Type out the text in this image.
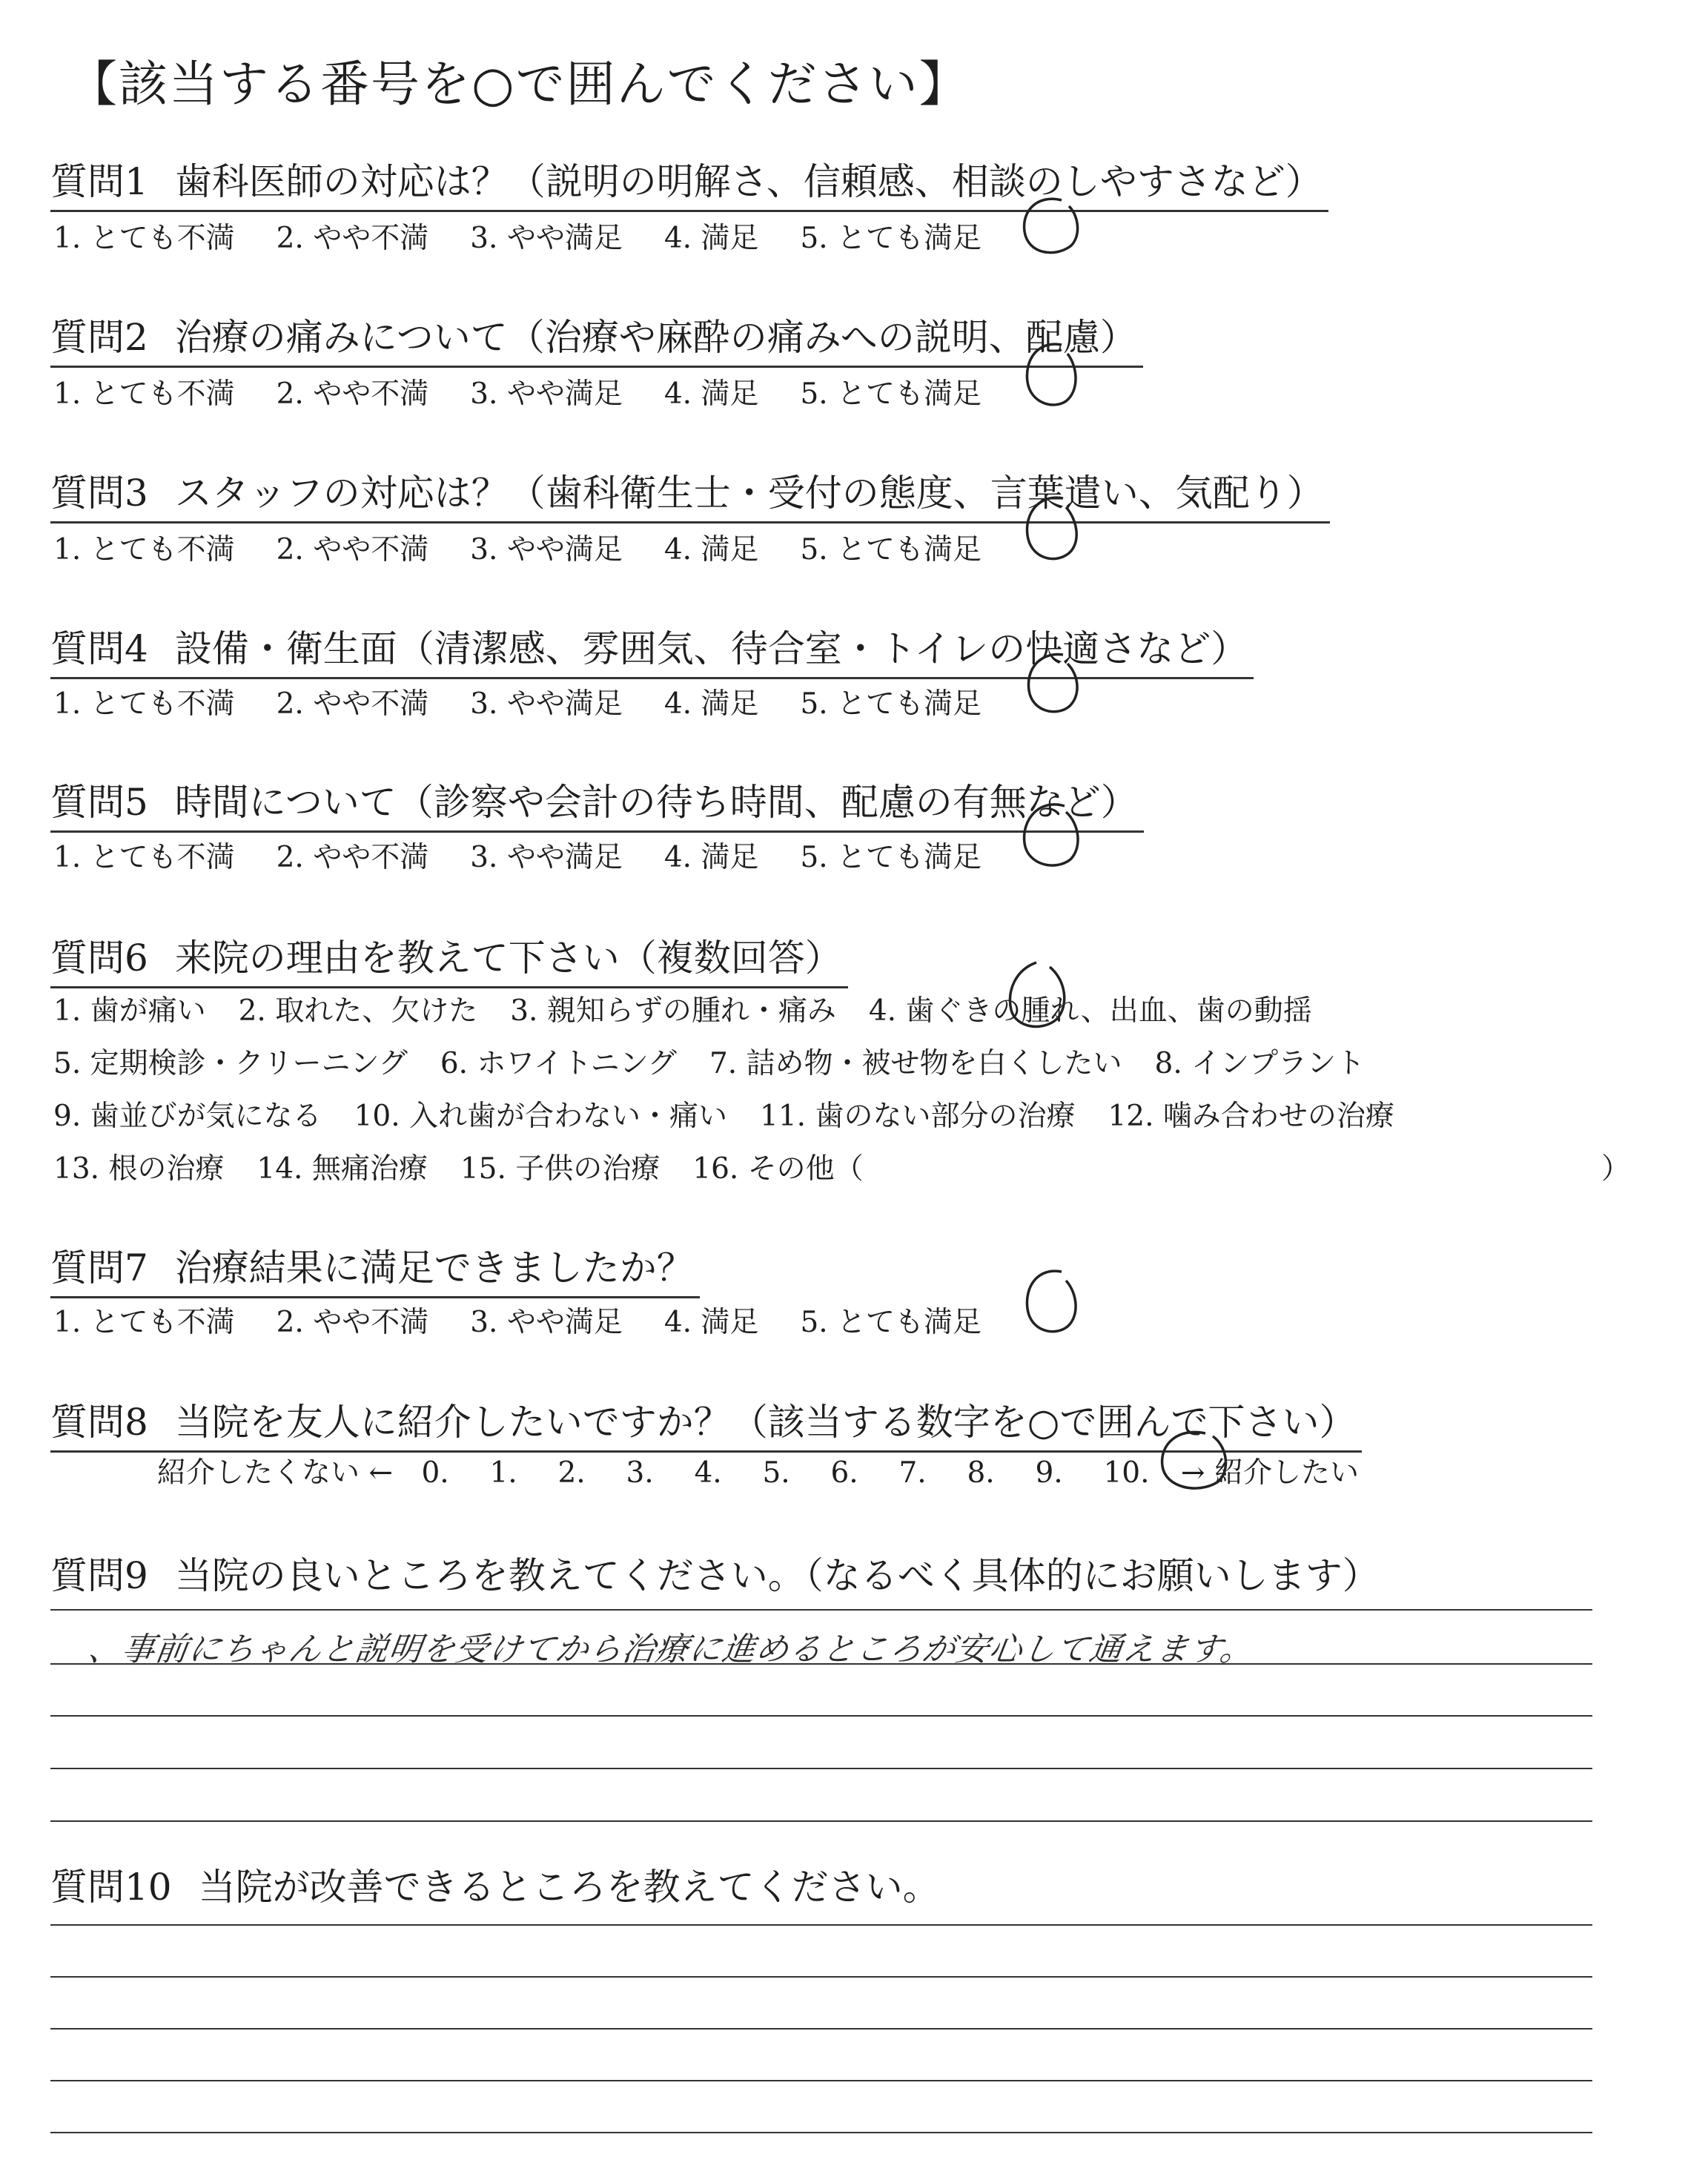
【該当する番号を○で囲んでください】
質問1 歯科医師の対応は？（説明の明解さ、信頼感、相談のしやすさなど）
1. とても不満 2. やや不満 3. やや満足 4. 満足 5. とても満足
質問2 治療の痛みについて（治療や麻酔の痛みへの説明、配慮）
1. とても不満 2. やや不満 3. やや満足 4. 満足 5. とても満足
質問3 スタッフの対応は？（歯科衛生士・受付の態度、言葉遣い、気配り）
1. とても不満 2. やや不満 3. やや満足 4. 満足 5. とても満足
質問4 設備・衛生面（清潔感、雰囲気、待合室・トイレの快適さなど）
1. とても不満 2. やや不満 3. やや満足 4. 満足 5. とても満足
質問5 時間について（診察や会計の待ち時間、配慮の有無など）
1. とても不満 2. やや不満 3. やや満足 4. 満足 5. とても満足
質問6 来院の理由を教えて下さい（複数回答）
1. 歯が痛い 2. 取れた、欠けた 3. 親知らずの腫れ・痛み 4. 歯ぐきの腫れ、出血、歯の動揺
5. 定期検診・クリーニング 6. ホワイトニング 7. 詰め物・被せ物を白くしたい 8. インプラント
9. 歯並びが気になる 10. 入れ歯が合わない・痛い 11. 歯のない部分の治療 12. 噛み合わせの治療
13. 根の治療 14. 無痛治療 15. 子供の治療 16. その他（	）
質問7 治療結果に満足できましたか？
1. とても不満 2. やや不満 3. やや満足 4. 満足 5. とても満足
質問8 当院を友人に紹介したいですか？（該当する数字を○で囲んで下さい）
紹介したくない ← 0. 1. 2. 3. 4. 5. 6. 7. 8. 9. 10. → 紹介したい
質問9 当院の良いところを教えてください。（なるべく具体的にお願いします）
、事前にちゃんと説明を受けてから治療に進めるところが安心して通えます。
質問10 当院が改善できるところを教えてください。
